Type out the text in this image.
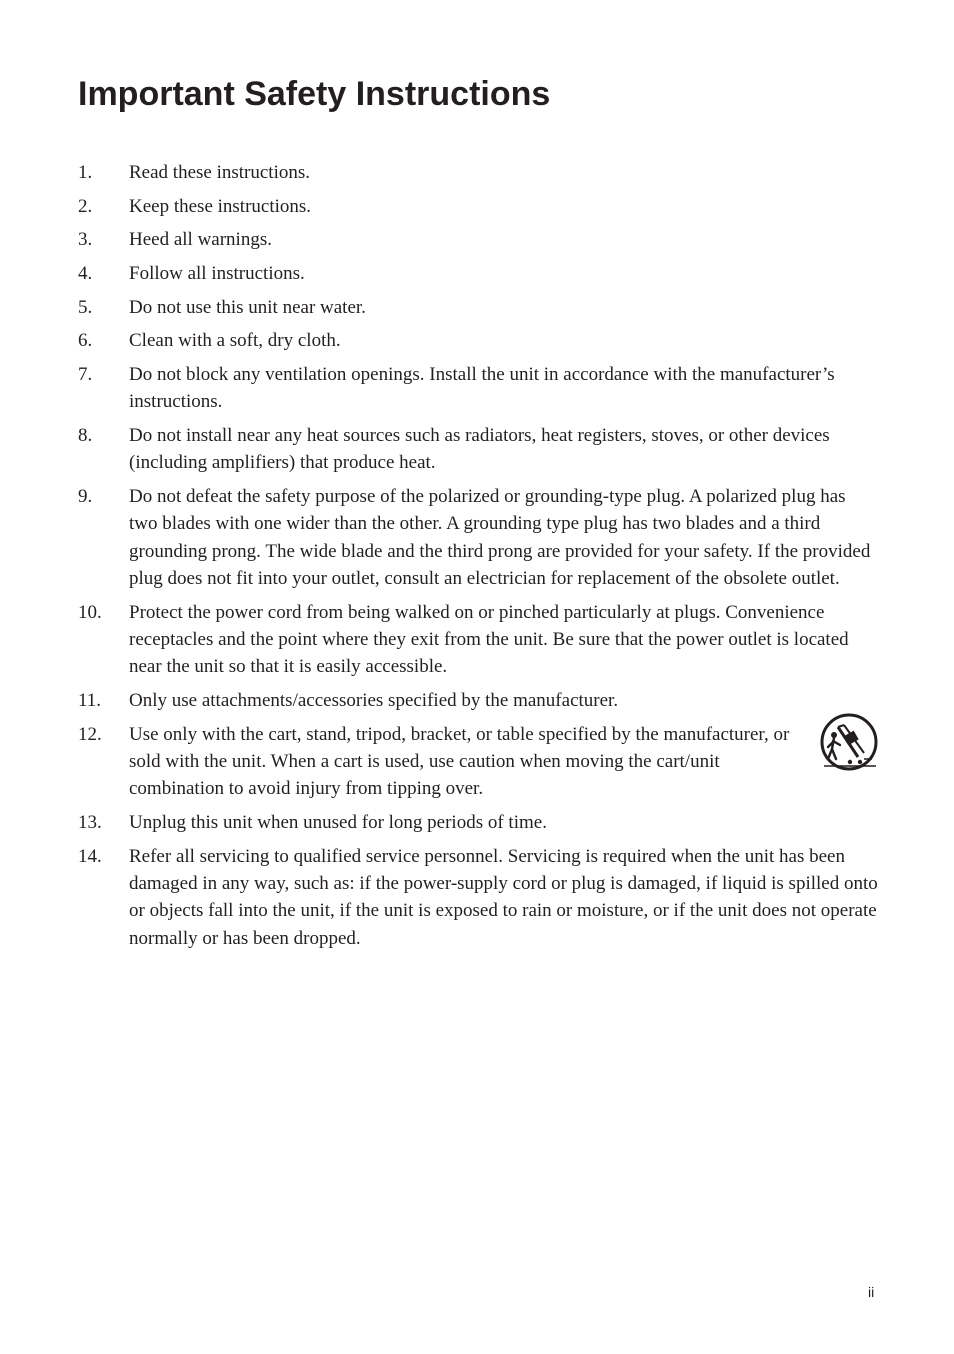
Important Safety Instructions
1. Read these instructions.
2. Keep these instructions.
3. Heed all warnings.
4. Follow all instructions.
5. Do not use this unit near water.
6. Clean with a soft, dry cloth.
7. Do not block any ventilation openings. Install the unit in accordance with the manufacturer’s instructions.
8. Do not install near any heat sources such as radiators, heat registers, stoves, or other devices (including amplifiers) that produce heat.
9. Do not defeat the safety purpose of the polarized or grounding-type plug. A polarized plug has two blades with one wider than the other. A grounding type plug has two blades and a third grounding prong. The wide blade and the third prong are provided for your safety. If the provided plug does not fit into your outlet, consult an electrician for replacement of the obsolete outlet.
10. Protect the power cord from being walked on or pinched particularly at plugs. Convenience receptacles and the point where they exit from the unit. Be sure that the power outlet is located near the unit so that it is easily accessible.
11. Only use attachments/accessories specified by the manufacturer.
12. Use only with the cart, stand, tripod, bracket, or table specified by the manufacturer, or sold with the unit. When a cart is used, use caution when moving the cart/unit combination to avoid injury from tipping over.
13. Unplug this unit when unused for long periods of time.
14. Refer all servicing to qualified service personnel. Servicing is required when the unit has been damaged in any way, such as: if the power-supply cord or plug is damaged, if liquid is spilled onto or objects fall into the unit, if the unit is exposed to rain or moisture, or if the unit does not operate normally or has been dropped.
ii
